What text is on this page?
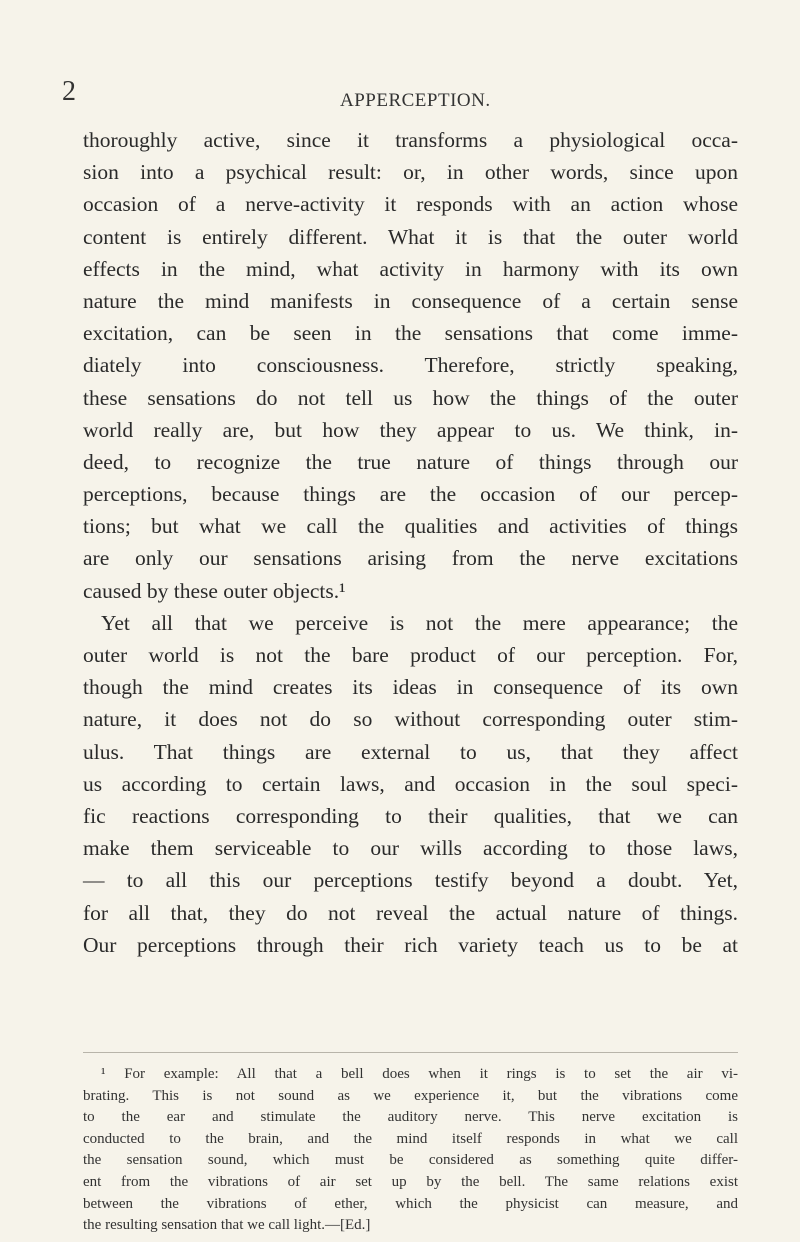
2	APPERCEPTION.
thoroughly active, since it transforms a physiological occa-
sion into a psychical result: or, in other words, since upon
occasion of a nerve-activity it responds with an action whose
content is entirely different. What it is that the outer world
effects in the mind, what activity in harmony with its own
nature the mind manifests in consequence of a certain sense
excitation, can be seen in the sensations that come imme-
diately into consciousness. Therefore, strictly speaking,
these sensations do not tell us how the things of the outer
world really are, but how they appear to us. We think, in-
deed, to recognize the true nature of things through our
perceptions, because things are the occasion of our percep-
tions; but what we call the qualities and activities of things
are only our sensations arising from the nerve excitations
caused by these outer objects.¹
Yet all that we perceive is not the mere appearance; the
outer world is not the bare product of our perception. For,
though the mind creates its ideas in consequence of its own
nature, it does not do so without corresponding outer stim-
ulus. That things are external to us, that they affect
us according to certain laws, and occasion in the soul speci-
fic reactions corresponding to their qualities, that we can
make them serviceable to our wills according to those laws,
— to all this our perceptions testify beyond a doubt. Yet,
for all that, they do not reveal the actual nature of things.
Our perceptions through their rich variety teach us to be at
¹ For example: All that a bell does when it rings is to set the air vi-
brating. This is not sound as we experience it, but the vibrations come
to the ear and stimulate the auditory nerve. This nerve excitation is
conducted to the brain, and the mind itself responds in what we call
the sensation sound, which must be considered as something quite differ-
ent from the vibrations of air set up by the bell. The same relations exist
between the vibrations of ether, which the physicist can measure, and
the resulting sensation that we call light.—[Ed.]
